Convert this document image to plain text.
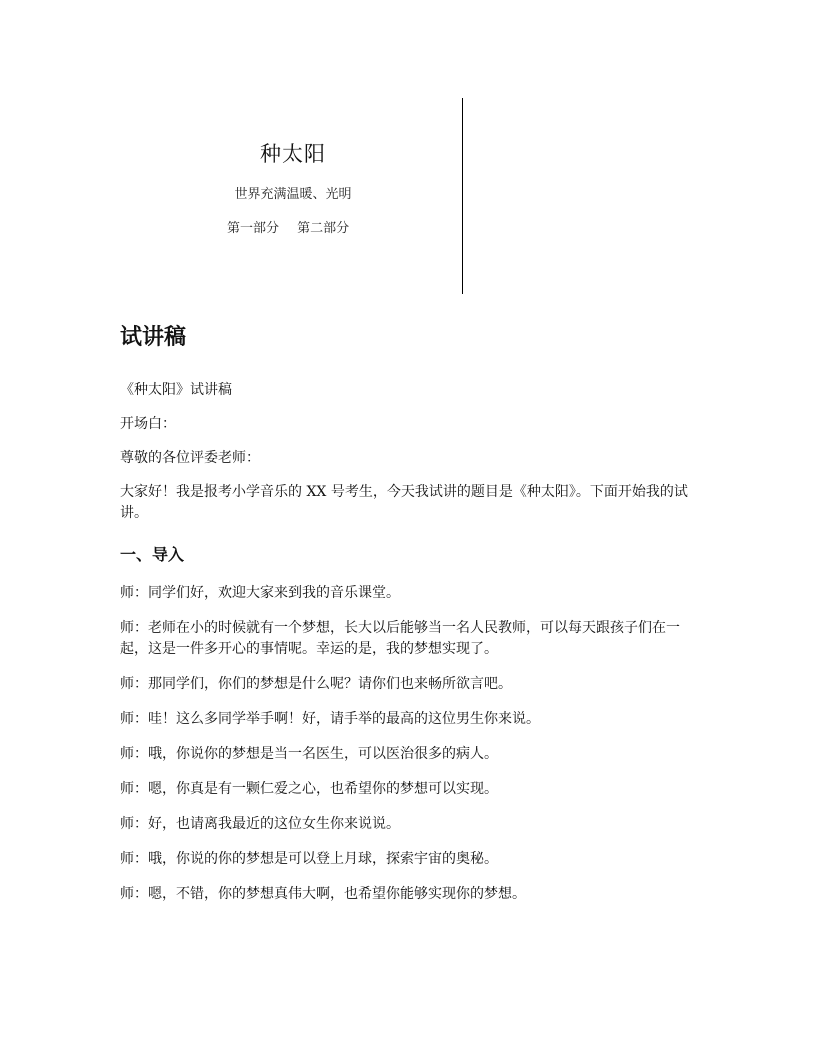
种太阳
世界充满温暖、光明
第一部分 第二部分
试讲稿

《种太阳》试讲稿

开场白：

尊敬的各位评委老师：

大家好！我是报考小学音乐的 XX 号考生，今天我试讲的题目是《种太阳》。下面开始我的试讲。

一、导入

师：同学们好，欢迎大家来到我的音乐课堂。

师：老师在小的时候就有一个梦想，长大以后能够当一名人民教师，可以每天跟孩子们在一起，这是一件多开心的事情呢。幸运的是，我的梦想实现了。

师：那同学们，你们的梦想是什么呢？请你们也来畅所欲言吧。

师：哇！这么多同学举手啊！好，请手举的最高的这位男生你来说。

师：哦，你说你的梦想是当一名医生，可以医治很多的病人。

师：嗯，你真是有一颗仁爱之心，也希望你的梦想可以实现。

师：好，也请离我最近的这位女生你来说说。

师：哦，你说的你的梦想是可以登上月球，探索宇宙的奥秘。

师：嗯，不错，你的梦想真伟大啊，也希望你能够实现你的梦想。
